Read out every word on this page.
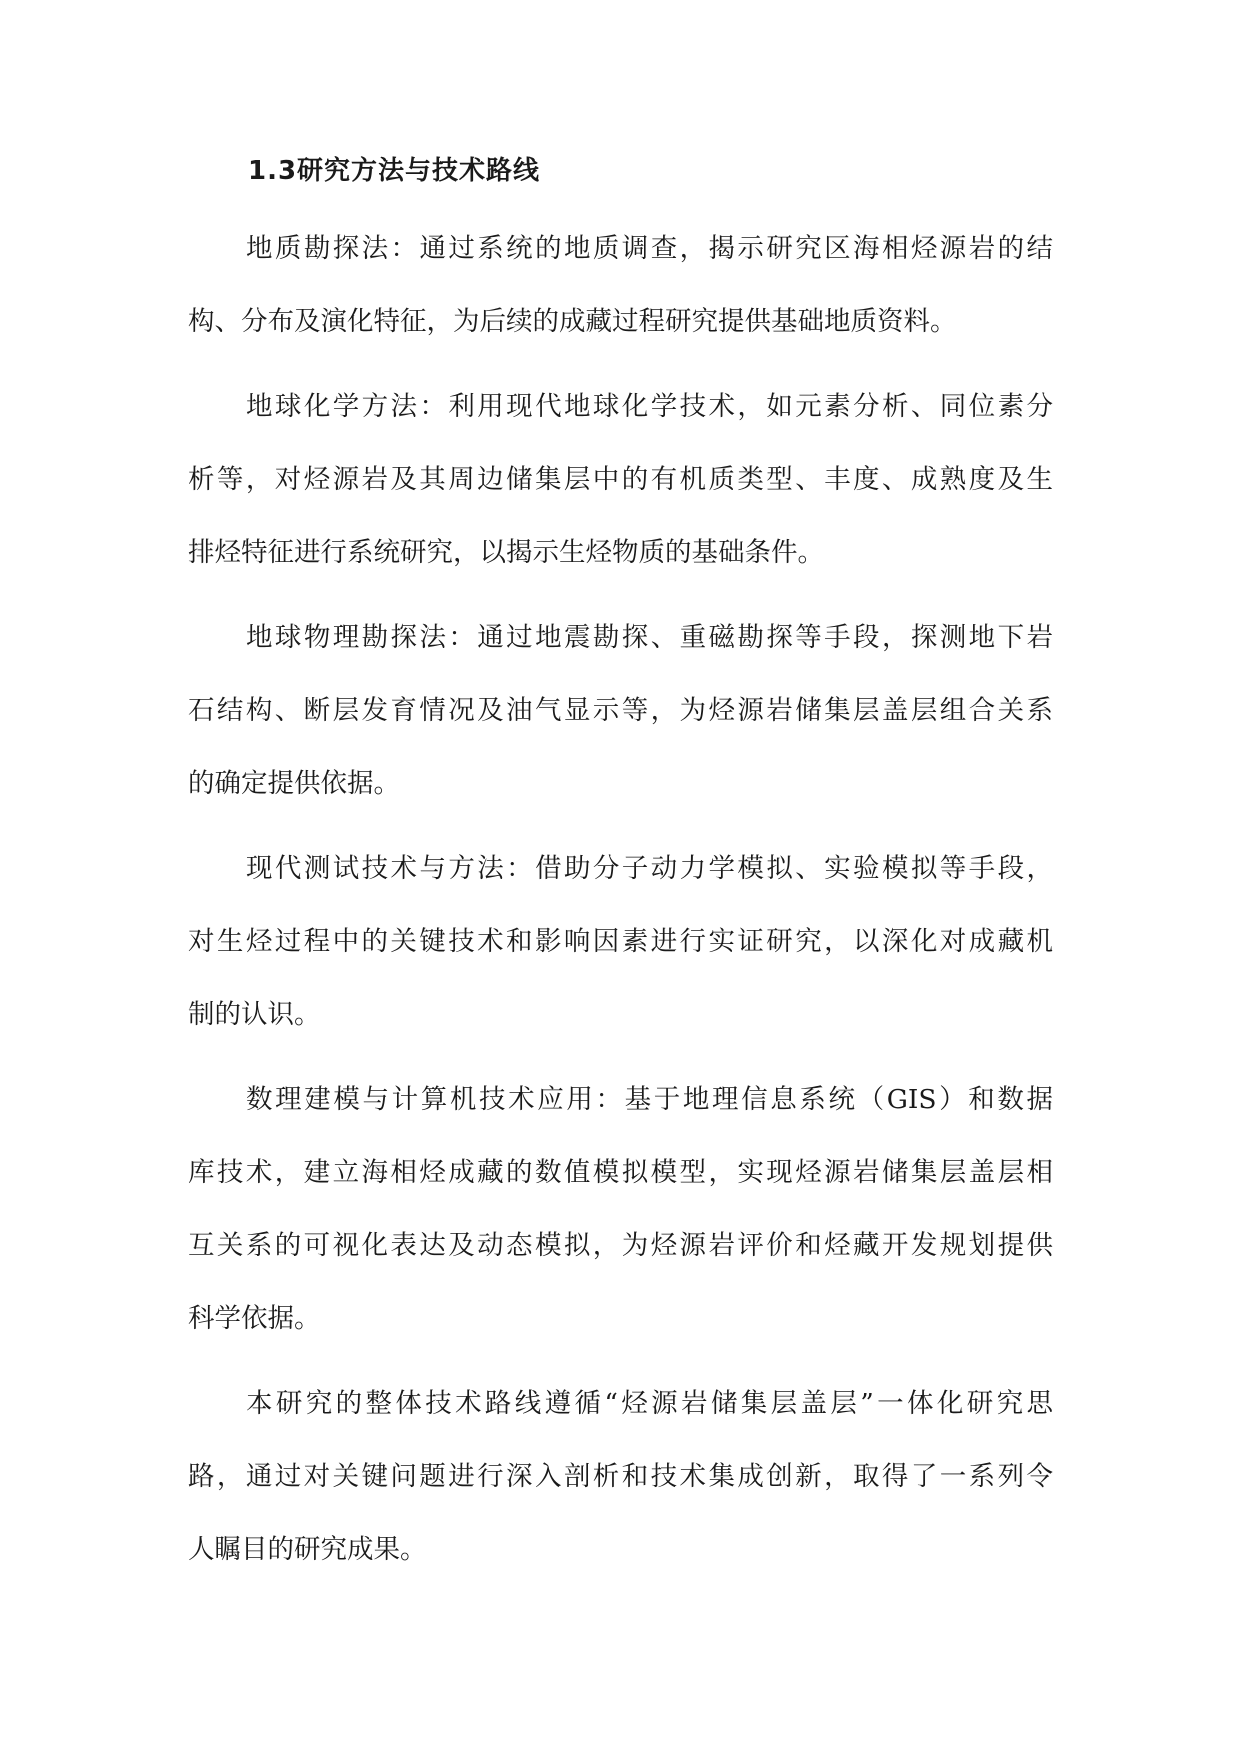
1.3研究方法与技术路线
地质勘探法：通过系统的地质调查，揭示研究区海相烃源岩的结
构、分布及演化特征，为后续的成藏过程研究提供基础地质资料。
地球化学方法：利用现代地球化学技术，如元素分析、同位素分
析等，对烃源岩及其周边储集层中的有机质类型、丰度、成熟度及生
排烃特征进行系统研究，以揭示生烃物质的基础条件。
地球物理勘探法：通过地震勘探、重磁勘探等手段，探测地下岩
石结构、断层发育情况及油气显示等，为烃源岩储集层盖层组合关系
的确定提供依据。
现代测试技术与方法：借助分子动力学模拟、实验模拟等手段，
对生烃过程中的关键技术和影响因素进行实证研究，以深化对成藏机
制的认识。
数理建模与计算机技术应用：基于地理信息系统（GIS）和数据
库技术，建立海相烃成藏的数值模拟模型，实现烃源岩储集层盖层相
互关系的可视化表达及动态模拟，为烃源岩评价和烃藏开发规划提供
科学依据。
本研究的整体技术路线遵循“烃源岩储集层盖层”一体化研究思
路，通过对关键问题进行深入剖析和技术集成创新，取得了一系列令
人瞩目的研究成果。
